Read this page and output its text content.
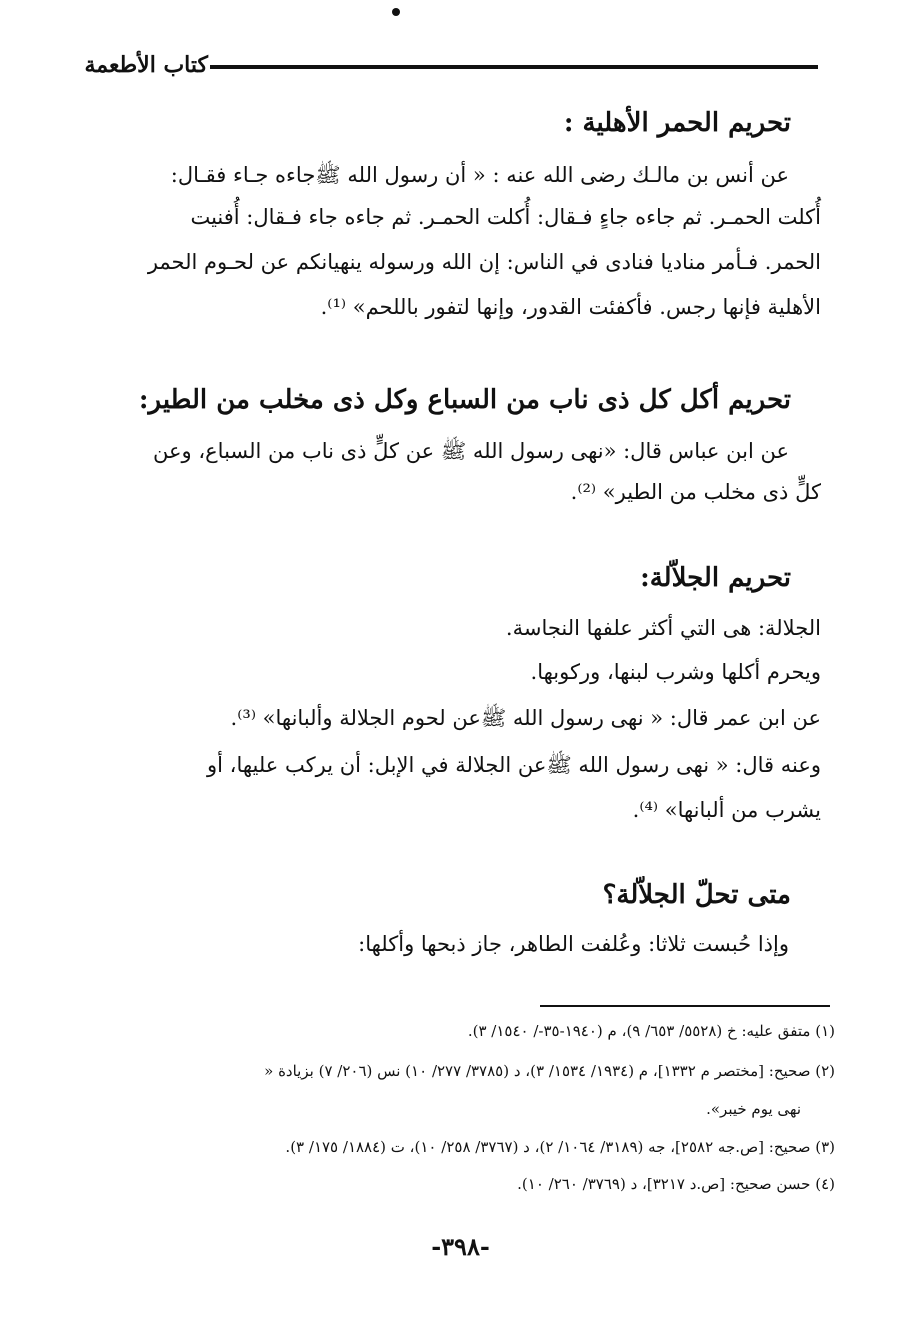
كتاب الأطعمة
تحريم الحمر الأهلية :
عن أنس بن مالـك رضى الله عنه : « أن رسول الله ﷺجاءه جـاء فقـال:
أُكلت الحمـر. ثم جاءه جاءٍ فـقال: أُكلت الحمـر. ثم جاءه جاء فـقال: أُفنيت
الحمر. فـأمر مناديا فنادى في الناس: إن الله ورسوله ينهيانكم عن لحـوم الحمر
الأهلية فإنها رجس. فأكفئت القدور، وإنها لتفور باللحم» ⁽¹⁾.
تحريم أكل كل ذى ناب من السباع وكل ذى مخلب من الطير:
عن ابن عباس قال: «نهى رسول الله ﷺ عن كلٍّ ذى ناب من السباع، وعن
كلٍّ ذى مخلب من الطير» ⁽²⁾.
تحريم الجلاّلة:
الجلالة: هى التي أكثر علفها النجاسة.
ويحرم أكلها وشرب لبنها، وركوبها.
عن ابن عمر قال: « نهى رسول الله ﷺعن لحوم الجلالة وألبانها» ⁽³⁾.
وعنه قال: « نهى رسول الله ﷺعن الجلالة في الإبل: أن يركب عليها، أو
يشرب من ألبانها» ⁽⁴⁾.
متى تحلّ الجلاّلة؟
وإذا حُبست ثلاثا: وعُلفت الطاهر، جاز ذبحها وأكلها:
(١) متفق عليه: خ (٥٥٢٨/ ٦٥٣/ ٩)، م (١٩٤٠-٣٥-/ ١٥٤٠/ ٣).
(٢) صحيح: [مختصر م ١٣٣٢]، م (١٩٣٤/ ١٥٣٤/ ٣)، د (٣٧٨٥/ ٢٧٧/ ١٠) نس (٢٠٦/ ٧) بزيادة «
نهى يوم خيبر».
(٣) صحيح: [ص.جه ٢٥٨٢]، جه (٣١٨٩/ ١٠٦٤/ ٢)، د (٣٧٦٧/ ٢٥٨/ ١٠)، ت (١٨٨٤/ ١٧٥/ ٣).
(٤) حسن صحيح: [ص.د ٣٢١٧]، د (٣٧٦٩/ ٢٦٠/ ١٠).
-٣٩٨-
